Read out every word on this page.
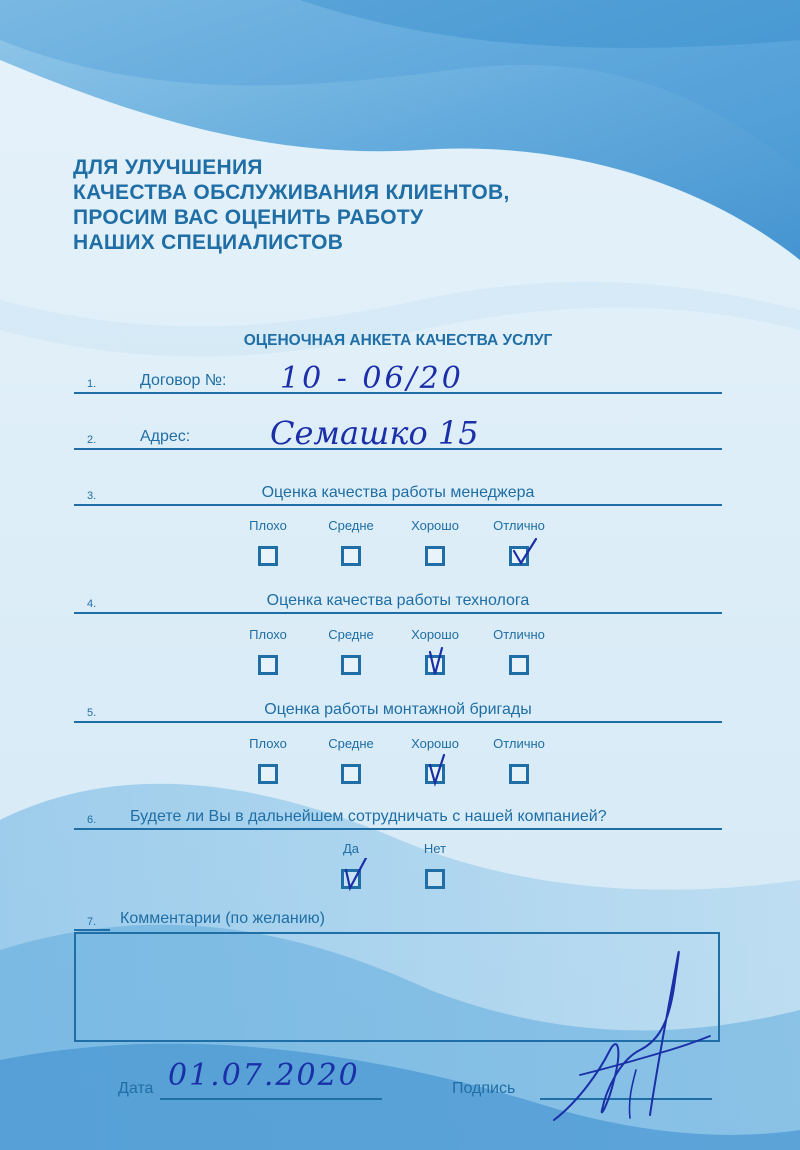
ДЛЯ УЛУЧШЕНИЯ
КАЧЕСТВА ОБСЛУЖИВАНИЯ КЛИЕНТОВ,
ПРОСИМ ВАС ОЦЕНИТЬ РАБОТУ
НАШИХ СПЕЦИАЛИСТОВ
ОЦЕНОЧНАЯ АНКЕТА КАЧЕСТВА УСЛУГ
1.	Договор №: 10 - 06/20
2.	Адрес: Семашко 15
3.	Оценка качества работы менеджера
Плохо	Средне	Хорошо	Отлично
4.	Оценка качества работы технолога
Плохо	Средне	Хорошо	Отлично
5.	Оценка работы монтажной бригады
Плохо	Средне	Хорошо	Отлично
6. Будете ли Вы в дальнейшем сотрудничать с нашей компанией?
Да	Нет
7. Комментарии (по желанию)
Дата 01.07.2020	Подпись
